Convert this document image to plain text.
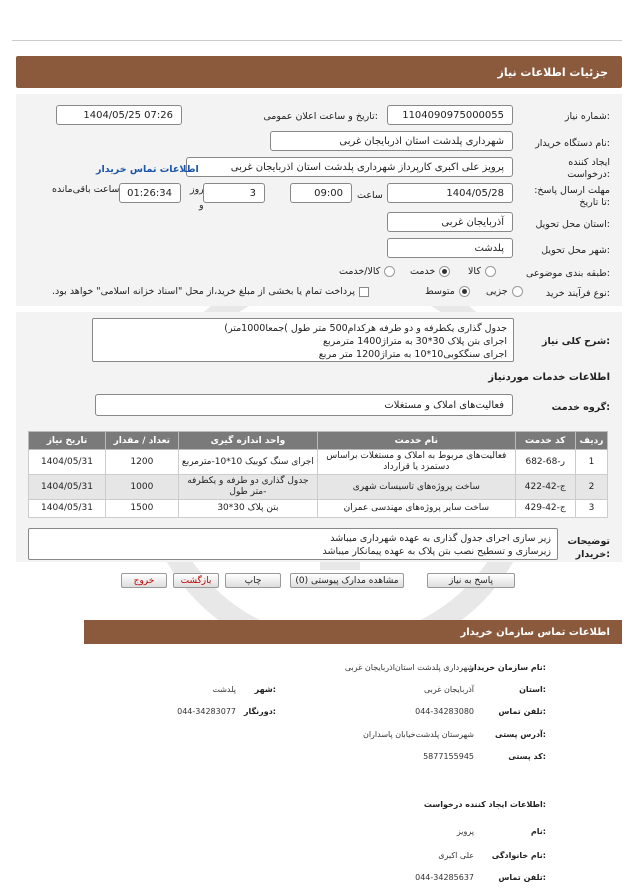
جزئیات اطلاعات نیاز
شماره نیاز:
1104090975000055
تاریخ و ساعت اعلان عمومی:
1404/05/25 07:26
نام دستگاه خریدار:
شهرداری پلدشت استان اذربایجان غربی
ایجاد کننده درخواست:
پرویز علی اکبری کارپرداز شهرداری پلدشت استان اذربایجان غربی
اطلاعات تماس خریدار
مهلت ارسال پاسخ: تا تاریخ:
1404/05/28
ساعت
09:00
3
روز
و
01:26:34
ساعت باقی‌مانده
استان محل تحویل:
آذربایجان غربی
شهر محل تحویل:
پلدشت
طبقه بندی موضوعی:
کالا
خدمت
کالا/خدمت
نوع فرآیند خرید:
جزیی
متوسط
پرداخت تمام یا بخشی از مبلغ خرید،از محل "اسناد خزانه اسلامی" خواهد بود.
شرح کلی نیاز:
جدول گذاری یکطرفه و دو طرفه هرکدام500 متر طول )جمعا1000متر)
اجرای بتن پلاک 30*30 به متراژ1400 مترمربع
اجرای سنگکوبی10*10 به متراژ1200 متر مربع
اطلاعات خدمات موردنیاز
گروه خدمت:
فعالیت‌های املاک و مستغلات
ردیف	کد خدمت	نام خدمت	واحد اندازه گیری	تعداد / مقدار	تاریخ نیاز
1	ر-68-682	فعالیت‌های مربوط به املاک و مستغلات براساس دستمزد یا قرارداد	اجرای سنگ کوبیک 10*10-مترمربع	1200	1404/05/31
2	ج-42-422	ساخت پروژه‌های تاسیسات شهری	جدول گذاری دو طرفه و یکطرفه -متر طول	1000	1404/05/31
3	ج-42-429	ساخت سایر پروژه‌های مهندسی عمران	بتن پلاک 30*30	1500	1404/05/31
توضیحات خریدار:
زیر سازی اجرای جدول گذاری به عهده شهرداری میباشد
زیرسازی و تسطیح نصب بتن پلاک به عهده پیمانکار میباشد
پاسخ به نیاز
مشاهده مدارک پیوستی (0)
چاپ
بازگشت
خروج
اطلاعات تماس سازمان خریدار
نام سازمان خریدار:
شهرداری پلدشت استان‌اذربایجان غربی
استان:
آذربایجان غربی
شهر:
پلدشت
تلفن تماس:
044-34283080
دورنگار:
044-34283077
آدرس پستی:
شهرستان پلدشت‌خیابان پاسداران
کد پستی:
5877155945
اطلاعات ایجاد کننده درخواست:
نام:
پرویز
نام خانوادگی:
علی اکبری
تلفن تماس:
044-34285637
